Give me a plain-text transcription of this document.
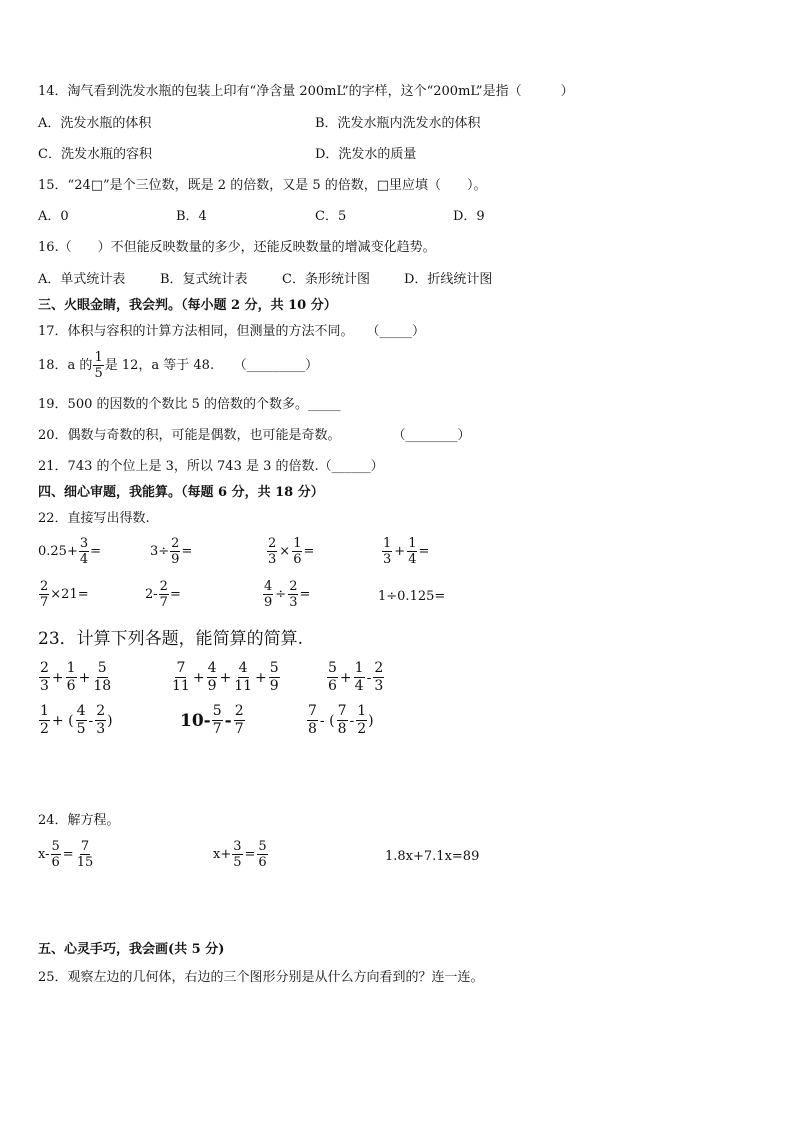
14．淘气看到洗发水瓶的包装上印有“净含量 200mL”的字样，这个“200mL”是指（　　　）
A．洗发水瓶的体积	B．洗发水瓶内洗发水的体积
C．洗发水瓶的容积	D．洗发水的质量
15．“24□”是个三位数，既是 2 的倍数，又是 5 的倍数，□里应填（　　）。
A．0	B．4	C．5	D．9
16.（　　）不但能反映数量的多少，还能反映数量的增减变化趋势。
A．单式统计表	B．复式统计表	C．条形统计图	D．折线统计图
三、火眼金睛，我会判。（每小题 2 分，共 10 分）
17．体积与容积的计算方法相同，但测量的方法不同。　　（_____）
18．a 的 $\frac{1}{5}$ 是 12，a 等于 48.　　（_________）
19．500 的因数的个数比 5 的倍数的个数多。_____
20．偶数与奇数的积，可能是偶数，也可能是奇数。　　　　　（________）
21．743 的个位上是 3，所以 743 是 3 的倍数.（______）
四、细心审题，我能算。（每题 6 分，共 18 分）
22．直接写出得数.
$0.25+ \frac{3}{4}$ =	$3\div \frac{2}{9}$ =	$\frac{2}{3} \times \frac{1}{6}$ =	$\frac{1}{3} + \frac{1}{4}$ =
$\frac{2}{7} \times 21=$	$2- \frac{2}{7}$ =	$\frac{4}{9} \div \frac{2}{3}$ =	1÷0.125=
23．计算下列各题，能简算的简算.
$\frac{2}{3} + \frac{1}{6} + \frac{5}{18}$	$\frac{7}{11} + \frac{4}{9} + \frac{4}{11} + \frac{5}{9}$	$\frac{5}{6} + \frac{1}{4} - \frac{2}{3}$
$\frac{1}{2}$ + ( $\frac{4}{5} - \frac{2}{3}$ )	$10- \frac{5}{7} - \frac{2}{7}$	$\frac{7}{8}$ - ( $\frac{7}{8} - \frac{1}{2}$ )
24．解方程。
$x- \frac{5}{6} = \frac{7}{15}$	$x+ \frac{3}{5} = \frac{5}{6}$	1.8x+7.1x=89
五、心灵手巧，我会画(共 5 分)
25．观察左边的几何体，右边的三个图形分别是从什么方向看到的？连一连。
